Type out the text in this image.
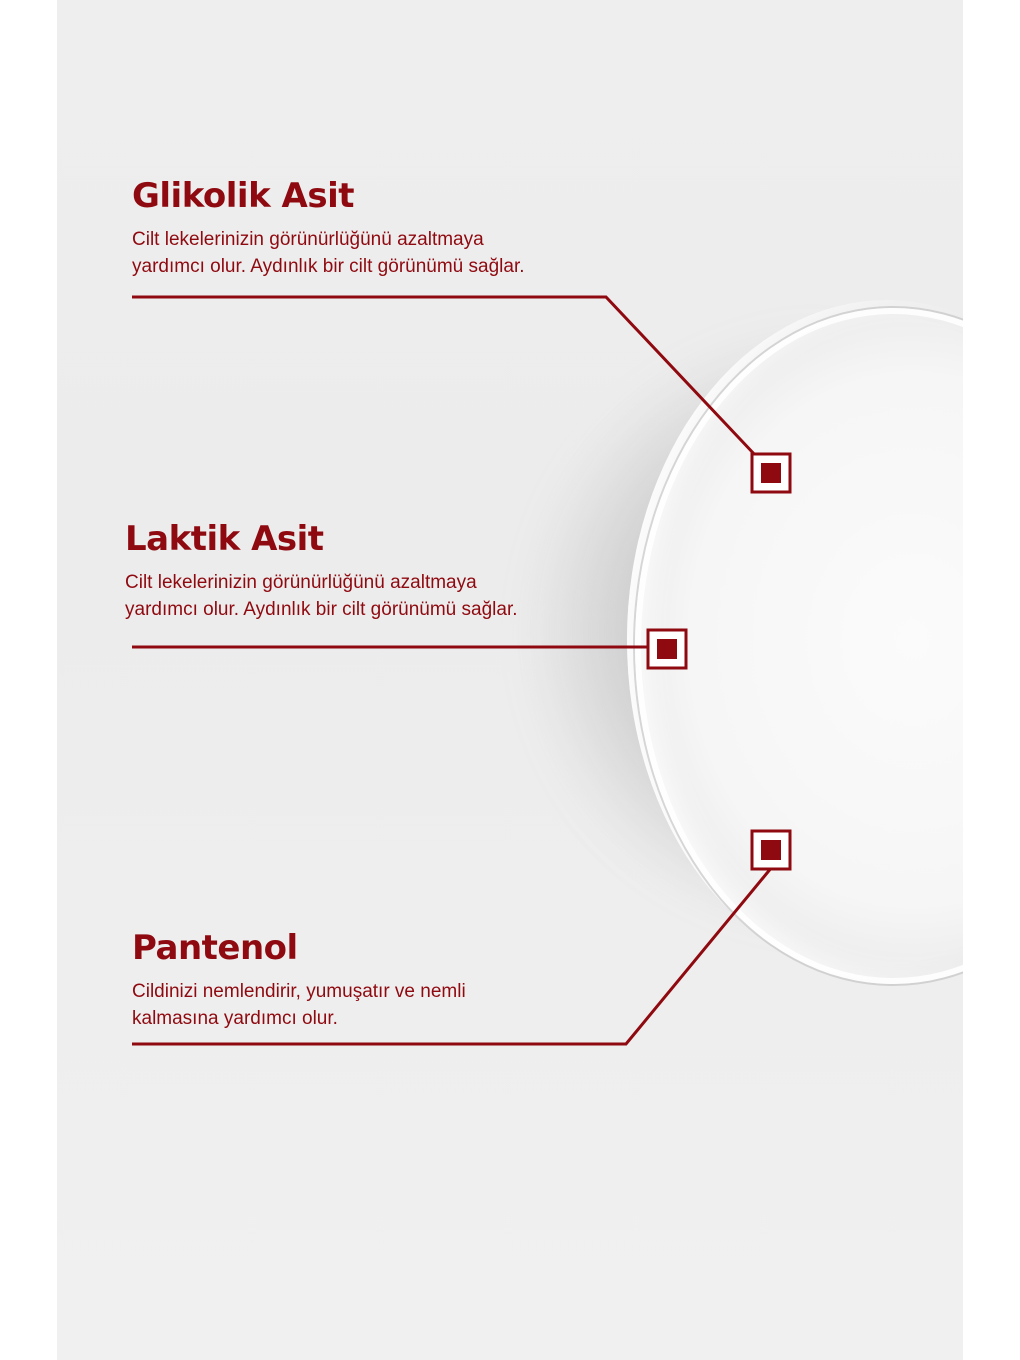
Glikolik Asit
Cilt lekelerinizin görünürlüğünü azaltmaya
yardımcı olur. Aydınlık bir cilt görünümü sağlar.
Laktik Asit
Cilt lekelerinizin görünürlüğünü azaltmaya
yardımcı olur. Aydınlık bir cilt görünümü sağlar.
Pantenol
Cildinizi nemlendirir, yumuşatır ve nemli
kalmasına yardımcı olur.
